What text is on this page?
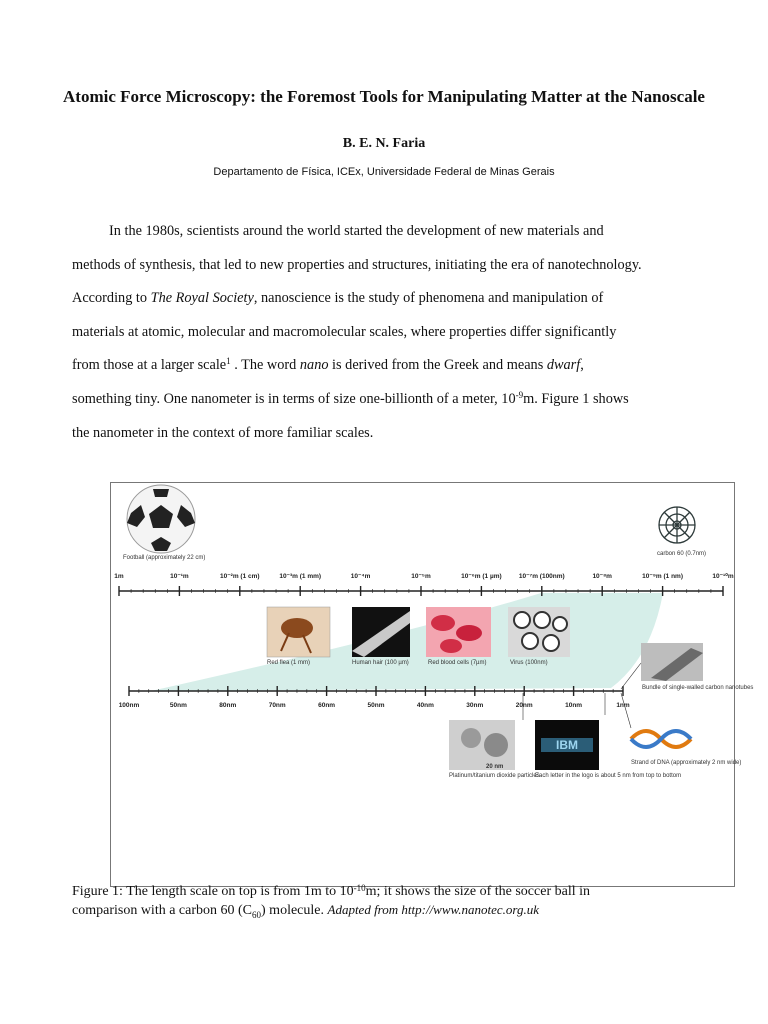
Atomic Force Microscopy: the Foremost Tools for Manipulating Matter at the Nanoscale
B. E. N. Faria
Departamento de Física, ICEx, Universidade Federal de Minas Gerais
In the 1980s, scientists around the world started the development of new materials and
methods of synthesis, that led to new properties and structures, initiating the era of nanotechnology.
According to The Royal Society, nanoscience is the study of phenomena and manipulation of
materials at atomic, molecular and macromolecular scales, where properties differ significantly
from those at a larger scale$^1$ . The word nano is derived from the Greek and means dwarf,
something tiny. One nanometer is in terms of size one-billionth of a meter, $10^{-9}m$. Figure 1 shows
the nanometer in the context of more familiar scales.
Football (approximately 22 cm)
carbon 60 (0.7nm)
1m	10⁻¹m	10⁻²m (1 cm)	10⁻³m (1 mm)	10⁻⁴m	10⁻⁵m	10⁻⁶m (1 µm)	10⁻⁷m (100nm)	10⁻⁸m	10⁻⁹m (1 nm)	10⁻¹⁰m
Red flea (1 mm)	Human hair (100 µm)	Red blood cells (7µm)	Virus (100nm)
100nm	50nm	80nm	70nm	60nm	50nm	40nm	30nm	20nm	10nm	1nm
Bundle of single-walled carbon nanotubes
20 nm
Platinum/titanium dioxide particles
IBM
Each letter in the logo is about 5 nm from top to bottom
Strand of DNA (approximately 2 nm wide)
Figure 1: The length scale on top is from 1m to $10^{-10}m$; it shows the size of the soccer ball in
comparison with a carbon 60 $(C_{60})$ molecule. Adapted from http://www.nanotec.org.uk
